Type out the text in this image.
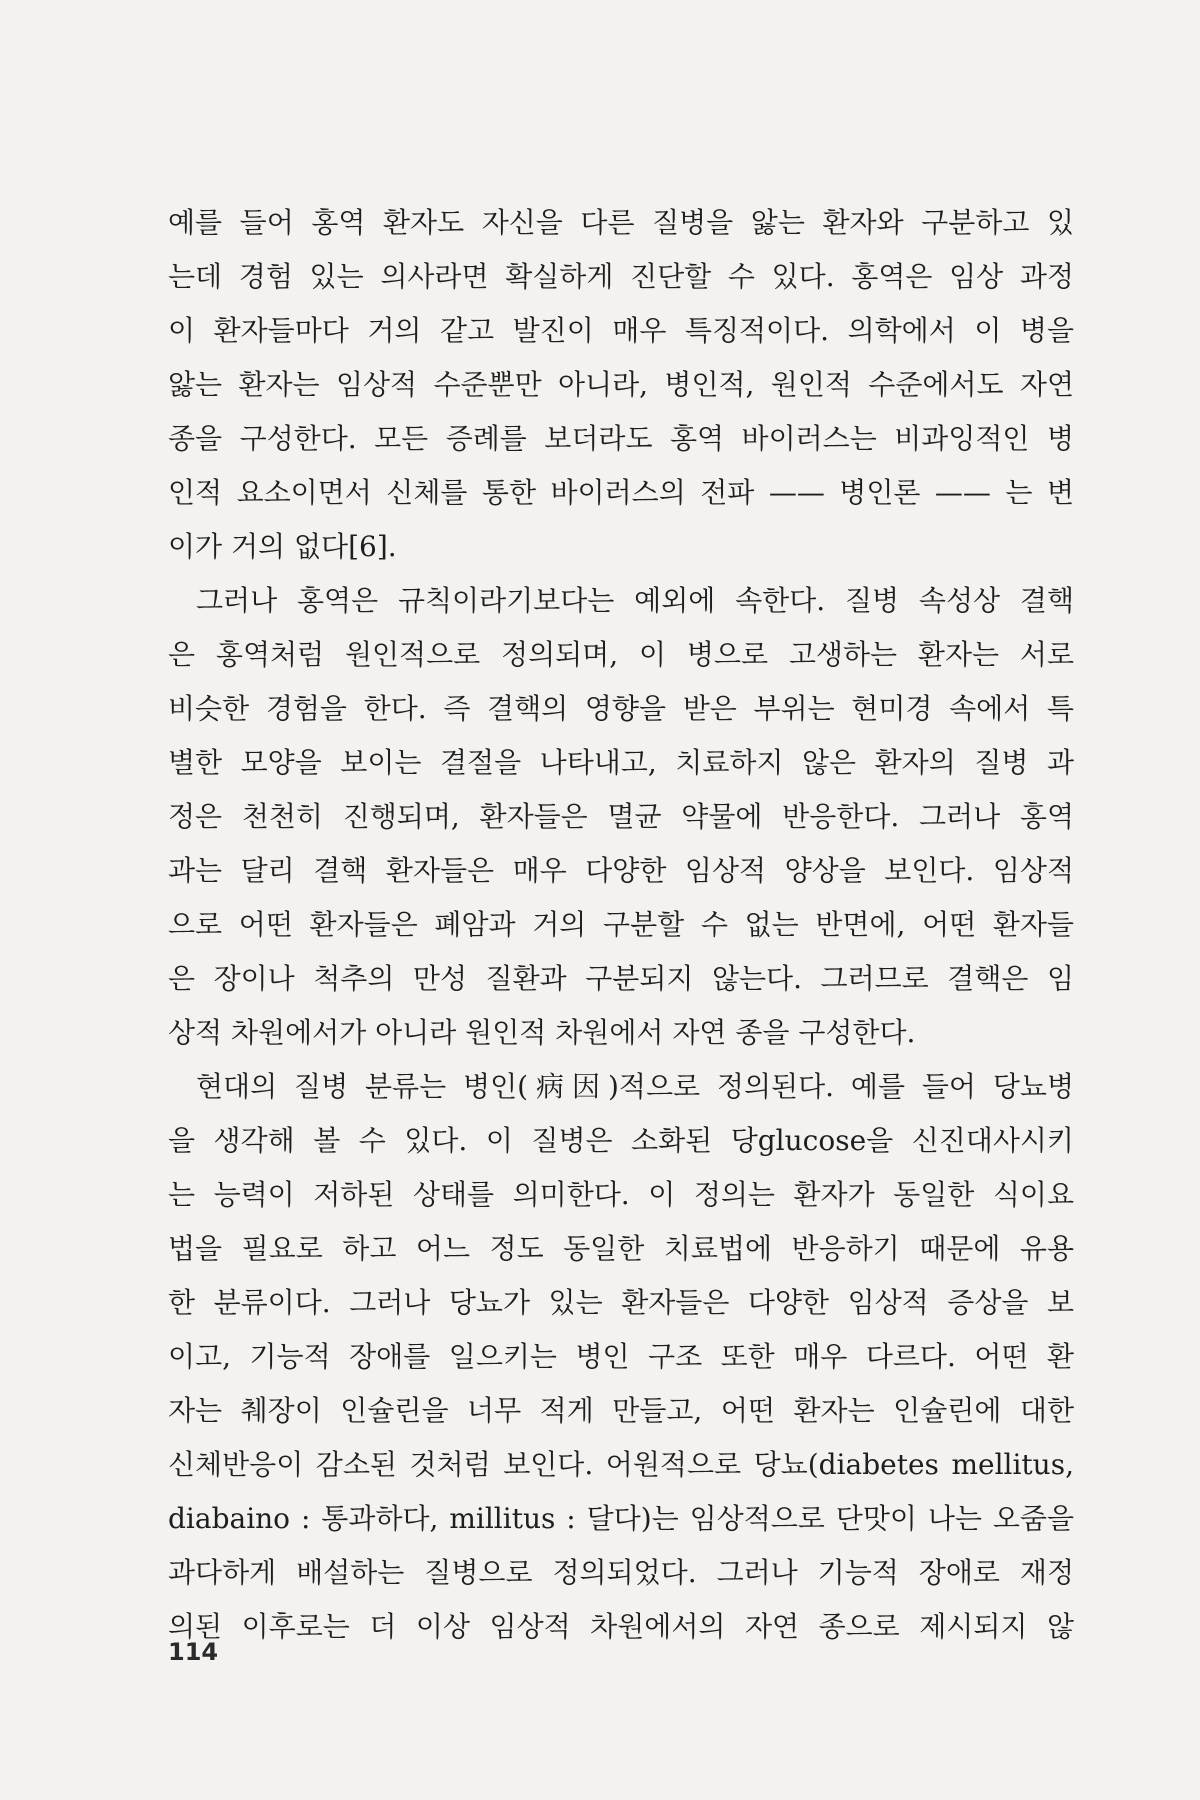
예를 들어 홍역 환자도 자신을 다른 질병을 앓는 환자와 구분하고 있
는데 경험 있는 의사라면 확실하게 진단할 수 있다. 홍역은 임상 과정
이 환자들마다 거의 같고 발진이 매우 특징적이다. 의학에서 이 병을
앓는 환자는 임상적 수준뿐만 아니라, 병인적, 원인적 수준에서도 자연
종을 구성한다. 모든 증례를 보더라도 홍역 바이러스는 비과잉적인 병
인적 요소이면서 신체를 통한 바이러스의 전파 —— 병인론 —— 는 변
이가 거의 없다[6].
그러나 홍역은 규칙이라기보다는 예외에 속한다. 질병 속성상 결핵
은 홍역처럼 원인적으로 정의되며, 이 병으로 고생하는 환자는 서로
비슷한 경험을 한다. 즉 결핵의 영향을 받은 부위는 현미경 속에서 특
별한 모양을 보이는 결절을 나타내고, 치료하지 않은 환자의 질병 과
정은 천천히 진행되며, 환자들은 멸균 약물에 반응한다. 그러나 홍역
과는 달리 결핵 환자들은 매우 다양한 임상적 양상을 보인다. 임상적
으로 어떤 환자들은 폐암과 거의 구분할 수 없는 반면에, 어떤 환자들
은 장이나 척추의 만성 질환과 구분되지 않는다. 그러므로 결핵은 임
상적 차원에서가 아니라 원인적 차원에서 자연 종을 구성한다.
현대의 질병 분류는 병인(病因)적으로 정의된다. 예를 들어 당뇨병
을 생각해 볼 수 있다. 이 질병은 소화된 당glucose을 신진대사시키
는 능력이 저하된 상태를 의미한다. 이 정의는 환자가 동일한 식이요
법을 필요로 하고 어느 정도 동일한 치료법에 반응하기 때문에 유용
한 분류이다. 그러나 당뇨가 있는 환자들은 다양한 임상적 증상을 보
이고, 기능적 장애를 일으키는 병인 구조 또한 매우 다르다. 어떤 환
자는 췌장이 인슐린을 너무 적게 만들고, 어떤 환자는 인슐린에 대한
신체반응이 감소된 것처럼 보인다. 어원적으로 당뇨(diabetes mellitus,
diabaino : 통과하다, millitus : 달다)는 임상적으로 단맛이 나는 오줌을
과다하게 배설하는 질병으로 정의되었다. 그러나 기능적 장애로 재정
의된 이후로는 더 이상 임상적 차원에서의 자연 종으로 제시되지 않
114
